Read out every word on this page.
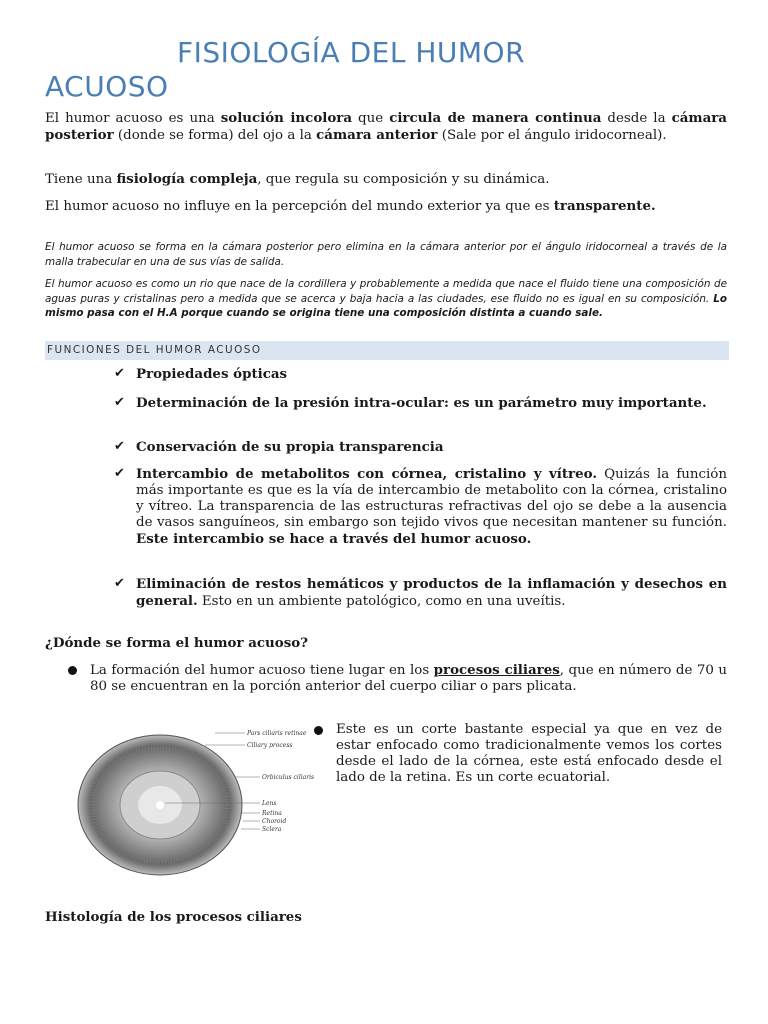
FISIOLOGÍA DEL HUMOR
ACUOSO

El humor acuoso es una solución incolora que circula de manera continua desde la cámara posterior (donde se forma) del ojo a la cámara anterior (Sale por el ángulo iridocorneal).

Tiene una fisiología compleja, que regula su composición y su dinámica.

El humor acuoso no influye en la percepción del mundo exterior ya que es transparente.

El humor acuoso se forma en la cámara posterior pero elimina en la cámara anterior por el ángulo iridocorneal a través de la malla trabecular en una de sus vías de salida.

El humor acuoso es como un rio que nace de la cordillera y probablemente a medida que nace el fluido tiene una composición de aguas puras y cristalinas pero a medida que se acerca y baja hacia a las ciudades, ese fluido no es igual en su composición. Lo mismo pasa con el H.A porque cuando se origina tiene una composición distinta a cuando sale.

FUNCIONES DEL HUMOR ACUOSO
✔ Propiedades ópticas
✔ Determinación de la presión intra-ocular: es un parámetro muy importante.
✔ Conservación de su propia transparencia
✔ Intercambio de metabolitos con córnea, cristalino y vítreo. Quizás la función más importante es que es la vía de intercambio de metabolito con la córnea, cristalino y vítreo. La transparencia de las estructuras refractivas del ojo se debe a la ausencia de vasos sanguíneos, sin embargo son tejido vivos que necesitan mantener su función. Este intercambio se hace a través del humor acuoso.
✔ Eliminación de restos hemáticos y productos de la inflamación y desechos en general. Esto en un ambiente patológico, como en una uveítis.

¿Dónde se forma el humor acuoso?

La formación del humor acuoso tiene lugar en los procesos ciliares, que en número de 70 u 80 se encuentran en la porción anterior del cuerpo ciliar o pars plicata.
Pars ciliaris retinae
Ciliary process
Orbiculus ciliaris
Lens
Retina
Choroid
Sclera
Este es un corte bastante especial ya que en vez de estar enfocado como tradicionalmente vemos los cortes desde el lado de la córnea, este está enfocado desde el lado de la retina. Es un corte ecuatorial.

Histología de los procesos ciliares
